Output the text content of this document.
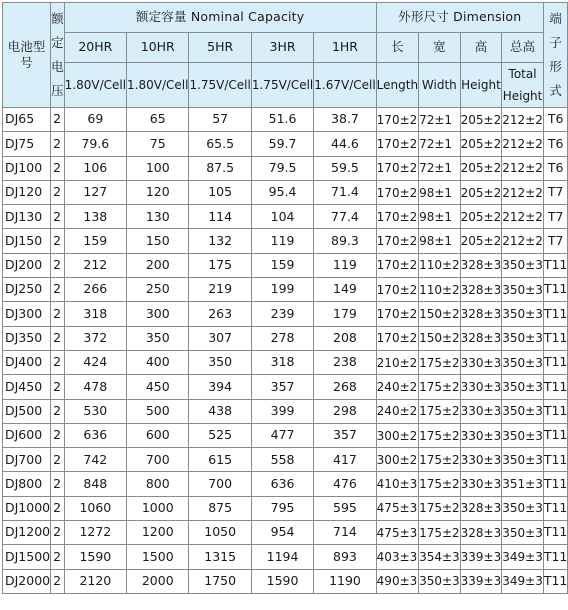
电池型号	额定电压	额定容量 Nominal Capacity					外形尺寸 Dimension				端子形式
		20HR	10HR	5HR	3HR	1HR	长	宽	高	总高	
		1.80V/Cell	1.80V/Cell	1.75V/Cell	1.75V/Cell	1.67V/Cell	Length	Width	Height	Total Height	
DJ65	2	69	65	57	51.6	38.7	170±2	72±1	205±2	212±2	T6
DJ75	2	79.6	75	65.5	59.7	44.6	170±2	72±1	205±2	212±2	T6
DJ100	2	106	100	87.5	79.5	59.5	170±2	72±1	205±2	212±2	T6
DJ120	2	127	120	105	95.4	71.4	170±2	98±1	205±2	212±2	T7
DJ130	2	138	130	114	104	77.4	170±2	98±1	205±2	212±2	T7
DJ150	2	159	150	132	119	89.3	170±2	98±1	205±2	212±2	T7
DJ200	2	212	200	175	159	119	170±2	110±2	328±3	350±3	T11
DJ250	2	266	250	219	199	149	170±2	110±2	328±3	350±3	T11
DJ300	2	318	300	263	239	179	170±2	150±2	328±3	350±3	T11
DJ350	2	372	350	307	278	208	170±2	150±2	328±3	350±3	T11
DJ400	2	424	400	350	318	238	210±2	175±2	330±3	350±3	T11
DJ450	2	478	450	394	357	268	240±2	175±2	330±3	350±3	T11
DJ500	2	530	500	438	399	298	240±2	175±2	330±3	350±3	T11
DJ600	2	636	600	525	477	357	300±2	175±2	330±3	350±3	T11
DJ700	2	742	700	615	558	417	300±2	175±2	330±3	350±3	T11
DJ800	2	848	800	700	636	476	410±3	175±2	330±3	351±3	T11
DJ1000	2	1060	1000	875	795	595	475±3	175±2	328±3	350±3	T11
DJ1200	2	1272	1200	1050	954	714	475±3	175±2	328±3	350±3	T11
DJ1500	2	1590	1500	1315	1194	893	403±3	354±3	339±3	349±3	T11
DJ2000	2	2120	2000	1750	1590	1190	490±3	350±3	339±3	349±3	T11
